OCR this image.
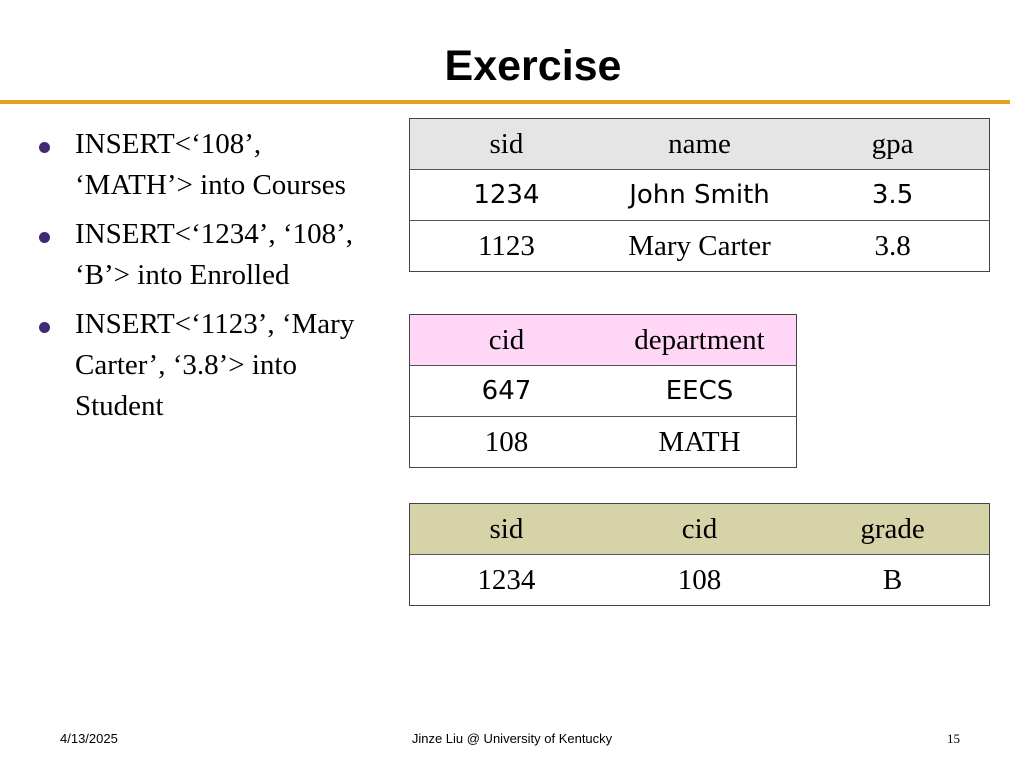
Exercise
INSERT<‘108’, ‘MATH’> into Courses
INSERT<‘1234’, ‘108’, ‘B’> into Enrolled
INSERT<‘1123’, ‘Mary Carter’, ‘3.8’> into Student
sid	name	gpa
1234	John Smith	3.5
1123	Mary Carter	3.8
cid	department
647	EECS
108	MATH
sid	cid	grade
1234	108	B
4/13/2025	Jinze Liu @ University of Kentucky	15
